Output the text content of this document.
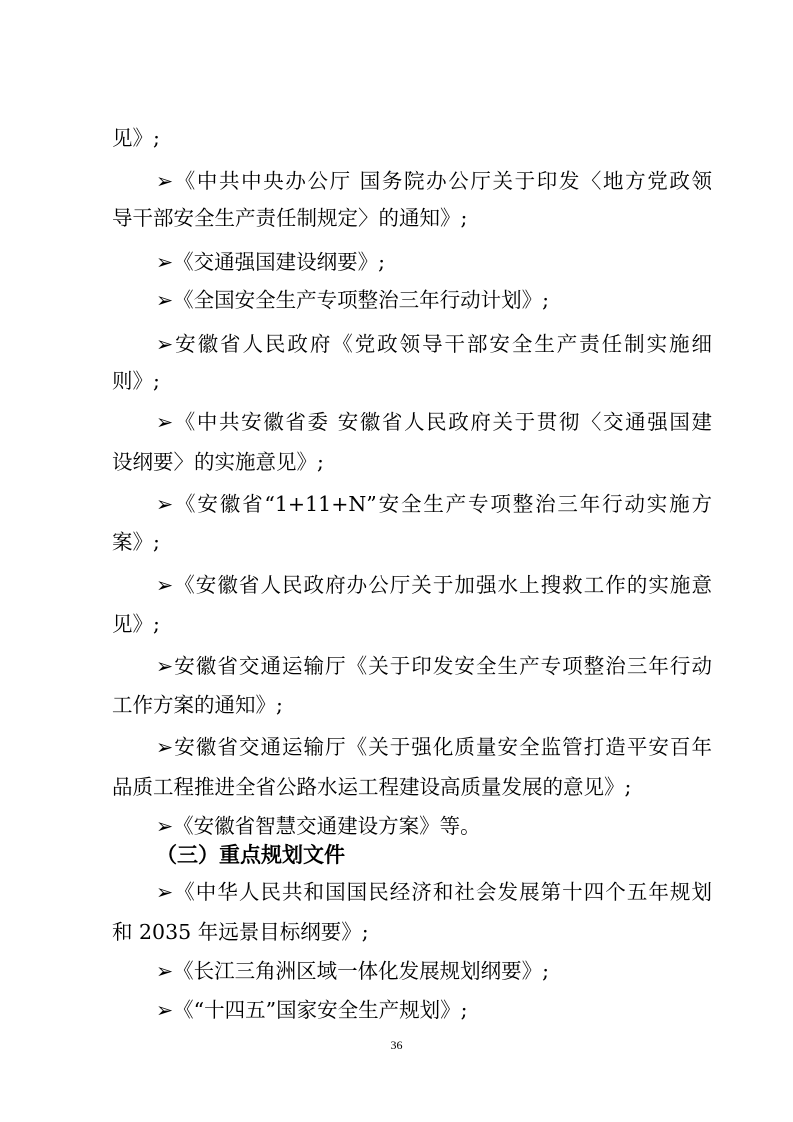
见》;
➢《中共中央办公厅 国务院办公厅关于印发〈地方党政领
导干部安全生产责任制规定〉的通知》;
➢《交通强国建设纲要》;
➢《全国安全生产专项整治三年行动计划》;
➢安徽省人民政府《党政领导干部安全生产责任制实施细
则》;
➢《中共安徽省委 安徽省人民政府关于贯彻〈交通强国建
设纲要〉的实施意见》;
➢《安徽省“1+11+N”安全生产专项整治三年行动实施方
案》;
➢《安徽省人民政府办公厅关于加强水上搜救工作的实施意
见》;
➢安徽省交通运输厅《关于印发安全生产专项整治三年行动
工作方案的通知》;
➢安徽省交通运输厅《关于强化质量安全监管打造平安百年
品质工程推进全省公路水运工程建设高质量发展的意见》;
➢《安徽省智慧交通建设方案》等。
（三）重点规划文件
➢《中华人民共和国国民经济和社会发展第十四个五年规划
和 2035 年远景目标纲要》;
➢《长江三角洲区域一体化发展规划纲要》;
➢《“十四五”国家安全生产规划》;
36
